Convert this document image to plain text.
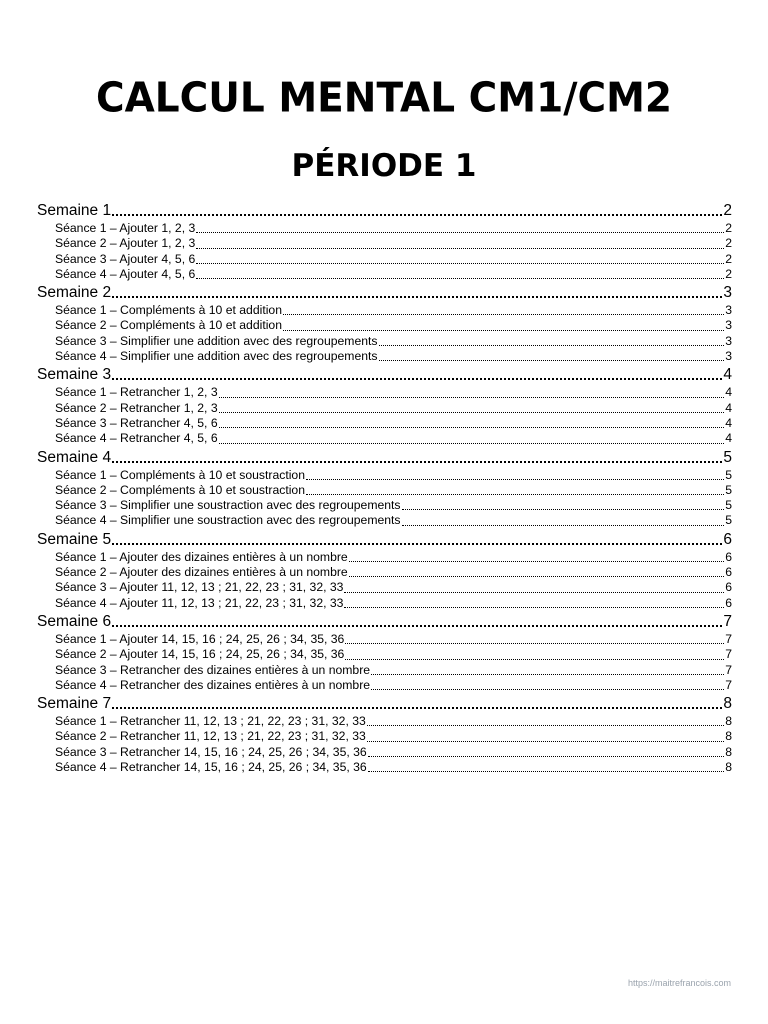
CALCUL MENTAL CM1/CM2
PÉRIODE 1
Semaine 1	2
Séance 1 – Ajouter 1, 2, 3	2
Séance 2 – Ajouter 1, 2, 3	2
Séance 3 – Ajouter 4, 5, 6	2
Séance 4 – Ajouter 4, 5, 6	2
Semaine 2	3
Séance 1 – Compléments à 10 et addition	3
Séance 2 – Compléments à 10 et addition	3
Séance 3 – Simplifier une addition avec des regroupements	3
Séance 4 – Simplifier une addition avec des regroupements	3
Semaine 3	4
Séance 1 – Retrancher 1, 2, 3	4
Séance 2 – Retrancher 1, 2, 3	4
Séance 3 – Retrancher 4, 5, 6	4
Séance 4 – Retrancher 4, 5, 6	4
Semaine 4	5
Séance 1 – Compléments à 10 et soustraction	5
Séance 2 – Compléments à 10 et soustraction	5
Séance 3 – Simplifier une soustraction avec des regroupements	5
Séance 4 – Simplifier une soustraction avec des regroupements	5
Semaine 5	6
Séance 1 – Ajouter des dizaines entières à un nombre	6
Séance 2 – Ajouter des dizaines entières à un nombre	6
Séance 3 – Ajouter 11, 12, 13 ; 21, 22, 23 ; 31, 32, 33	6
Séance 4 – Ajouter 11, 12, 13 ; 21, 22, 23 ; 31, 32, 33	6
Semaine 6	7
Séance 1 – Ajouter 14, 15, 16 ; 24, 25, 26 ; 34, 35, 36	7
Séance 2 – Ajouter 14, 15, 16 ; 24, 25, 26 ; 34, 35, 36	7
Séance 3 – Retrancher des dizaines entières à un nombre	7
Séance 4 – Retrancher des dizaines entières à un nombre	7
Semaine 7	8
Séance 1 – Retrancher 11, 12, 13 ; 21, 22, 23 ; 31, 32, 33	8
Séance 2 – Retrancher 11, 12, 13 ; 21, 22, 23 ; 31, 32, 33	8
Séance 3 – Retrancher 14, 15, 16 ; 24, 25, 26 ; 34, 35, 36	8
Séance 4 – Retrancher 14, 15, 16 ; 24, 25, 26 ; 34, 35, 36	8
https://maitrefrancois.com
